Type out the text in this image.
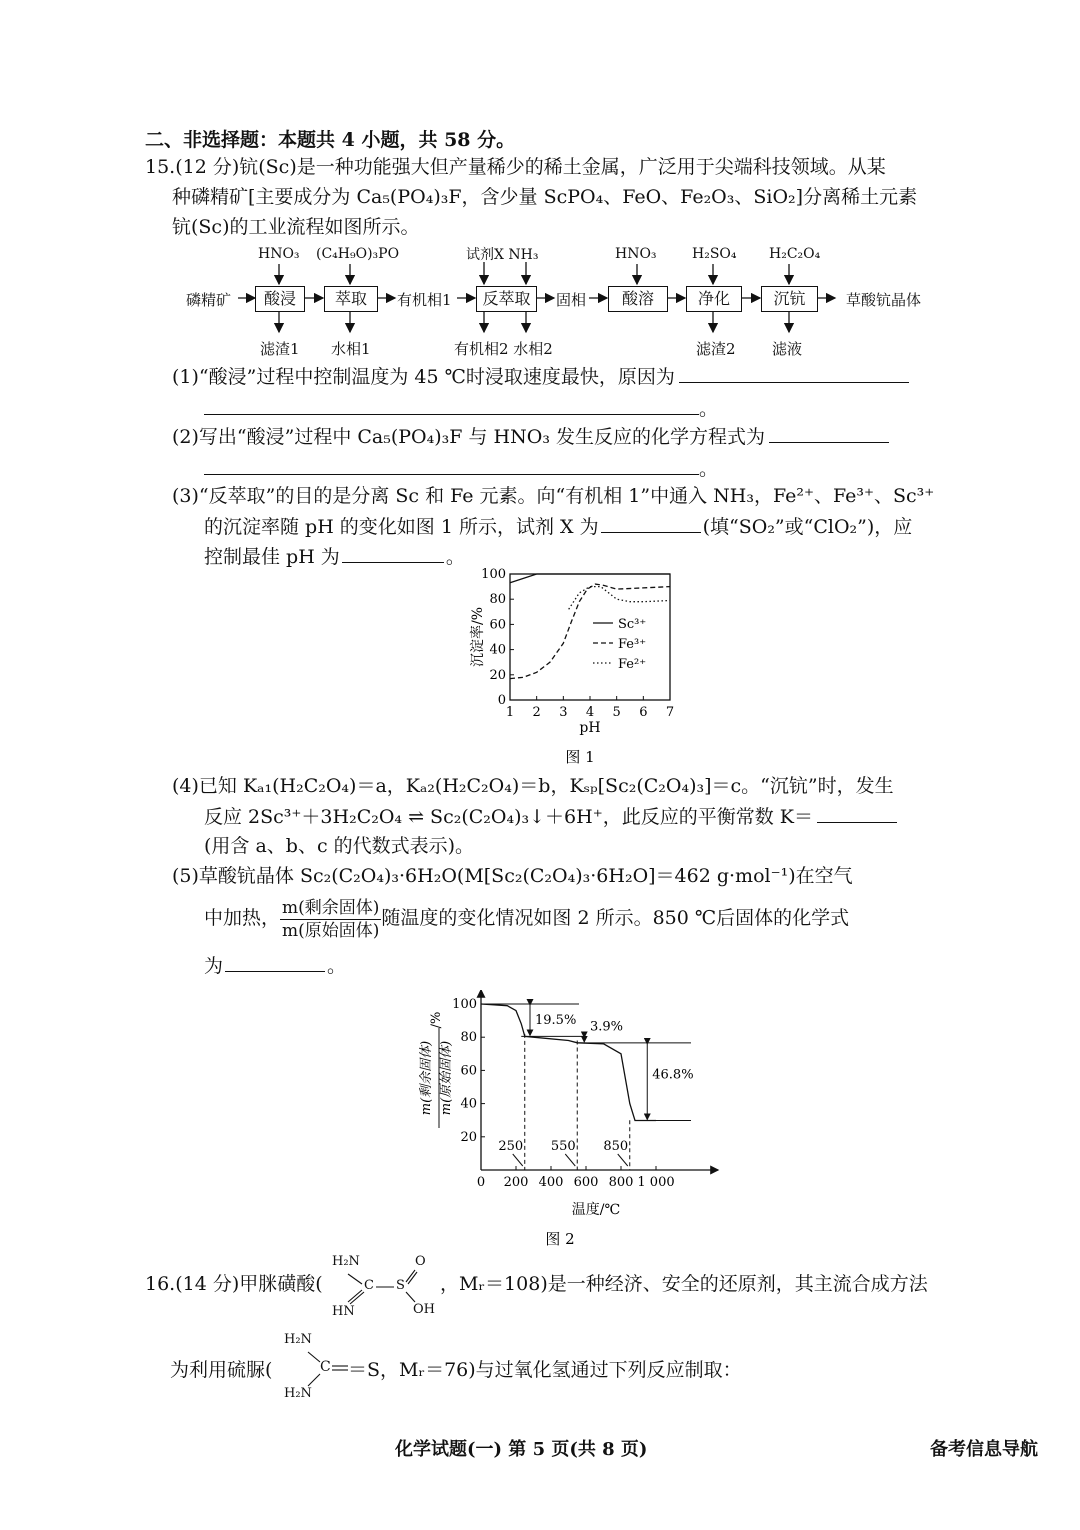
二、非选择题：本题共 4 小题，共 58 分。
15.(12 分)钪(Sc)是一种功能强大但产量稀少的稀土金属，广泛用于尖端科技领域。从某
种磷精矿[主要成分为 Ca₅(PO₄)₃F，含少量 ScPO₄、FeO、Fe₂O₃、SiO₂]分离稀土元素
钪(Sc)的工业流程如图所示。
磷精矿	酸浸	萃取	有机相1	反萃取	固相	酸溶	净化	沉钪	草酸钪晶体
HNO₃ (C₄H₉O)₃PO	试剂X NH₃	HNO₃	H₂SO₄ H₂C₂O₄
滤渣1 水相1	有机相2 水相2	滤渣2 滤液
(1)“酸浸”过程中控制温度为 45 ℃时浸取速度最快，原因为
。
(2)写出“酸浸”过程中 Ca₅(PO₄)₃F 与 HNO₃ 发生反应的化学方程式为
。
(3)“反萃取”的目的是分离 Sc 和 Fe 元素。向“有机相 1”中通入 NH₃，Fe²⁺、Fe³⁺、Sc³⁺
的沉淀率随 pH 的变化如图 1 所示，试剂 X 为	(填“SO₂”或“ClO₂”)，应
控制最佳 pH 为	。
1 2 3 4 5 6 7
0
20
40
60
80
100
沉淀率/%
pH
Sc³⁺
Fe³⁺
Fe²⁺
图 1
(4)已知 Kₐ₁(H₂C₂O₄)＝a，Kₐ₂(H₂C₂O₄)＝b，Kₛₚ[Sc₂(C₂O₄)₃]＝c。“沉钪”时，发生
反应 2Sc³⁺＋3H₂C₂O₄ ⇌ Sc₂(C₂O₄)₃↓＋6H⁺，此反应的平衡常数 K＝
(用含 a、b、c 的代数式表示)。
(5)草酸钪晶体 Sc₂(C₂O₄)₃·6H₂O(M[Sc₂(C₂O₄)₃·6H₂O]＝462 g·mol⁻¹)在空气
中加热， $\frac{\text{m(剩余固体)}}{\text{m(原始固体)}}$ 随温度的变化情况如图 2 所示。850 ℃后固体的化学式
为	。
0 200 400 600 800 1 000
20
40
60
80
100
250 550 850
19.5% 3.9%
46.8%
m(剩余固体) m(原始固体)
/%
温度/℃
图 2
16.(14 分)甲脒磺酸(
H₂N
HN
C S
O
OH
，Mᵣ＝108)是一种经济、安全的还原剂，其主流合成方法
为利用硫脲(
H₂N
H₂N
C ＝S，Mᵣ＝76)与过氧化氢通过下列反应制取：
化学试题(一) 第 5 页(共 8 页)	备考信息导航
